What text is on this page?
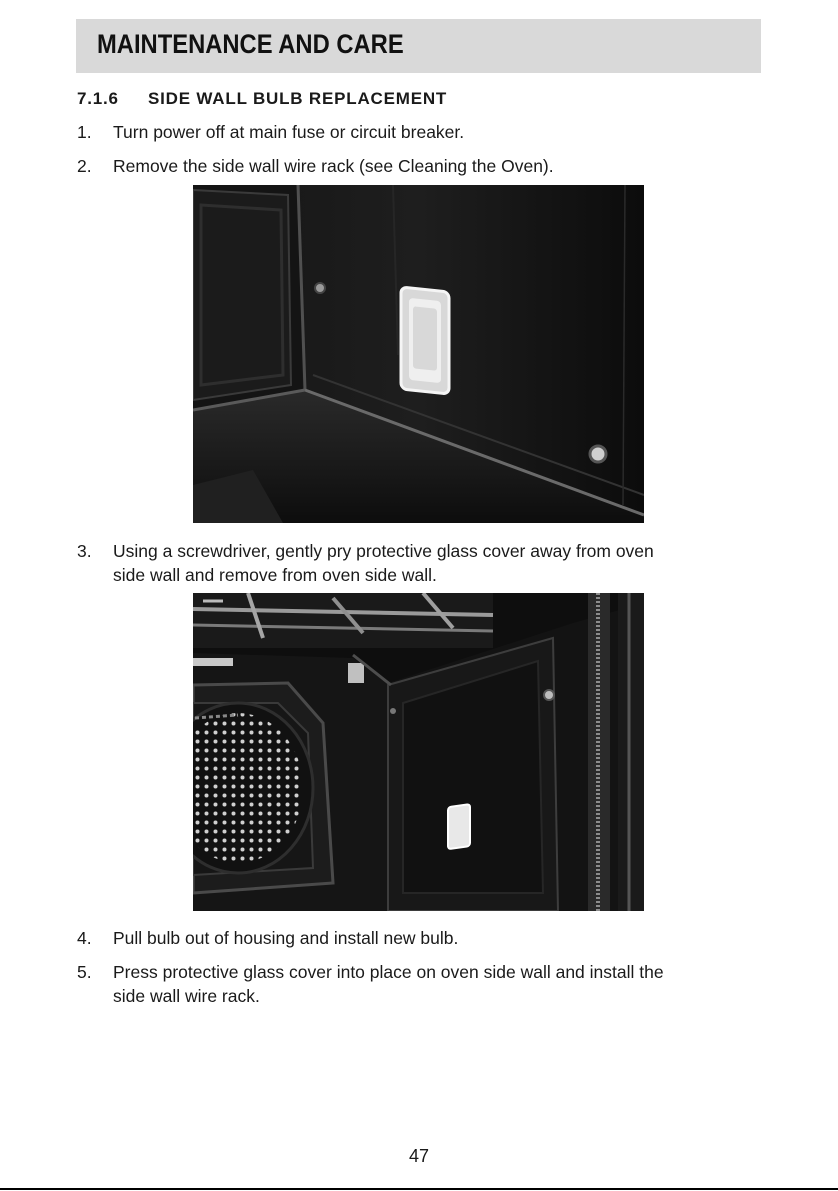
MAINTENANCE AND CARE
7.1.6 SIDE WALL BULB REPLACEMENT
1. Turn power off at main fuse or circuit breaker.
2. Remove the side wall wire rack (see Cleaning the Oven).
3. Using a screwdriver, gently pry protective glass cover away from oven
side wall and remove from oven side wall.
4. Pull bulb out of housing and install new bulb.
5. Press protective glass cover into place on oven side wall and install the
side wall wire rack.
47
